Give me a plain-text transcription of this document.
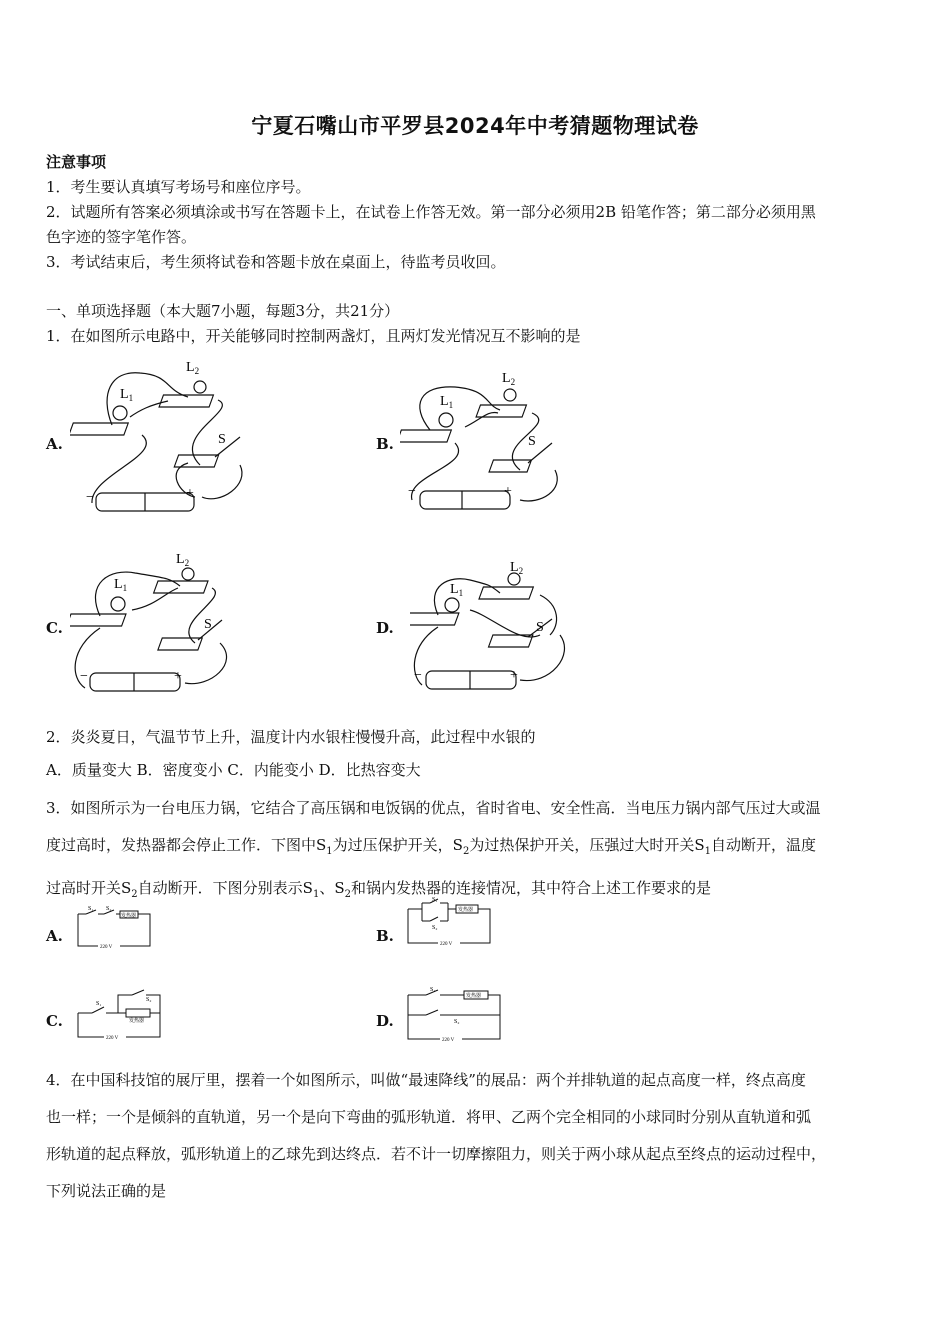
宁夏石嘴山市平罗县2024年中考猜题物理试卷
注意事项
1．考生要认真填写考场号和座位序号。
2．试题所有答案必须填涂或书写在答题卡上，在试卷上作答无效。第一部分必须用2B 铅笔作答；第二部分必须用黑
色字迹的签字笔作答。
3．考试结束后，考生须将试卷和答题卡放在桌面上，待监考员收回。
一、单项选择题（本大题7小题，每题3分，共21分）
1．在如图所示电路中，开关能够同时控制两盏灯，且两灯发光情况互不影响的是
A.	B.
C.	D.
$L_1$
$L_2$
S
−	+
$L_1$
$L_2$
S
−	+
$L_1$
$L_2$
S
−	+
$L_1$
$L_2$
S
−	+
2．炎炎夏日，气温节节上升，温度计内水银柱慢慢升高，此过程中水银的
A．质量变大 B．密度变小 C．内能变小 D．比热容变大
3．如图所示为一台电压力锅，它结合了高压锅和电饭锅的优点，省时省电、安全性高．当电压力锅内部气压过大或温
度过高时，发热器都会停止工作．下图中$S_1$为过压保护开关，$S_2$为过热保护开关，压强过大时开关$S_1$自动断开，温度
过高时开关$S_2$自动断开．下图分别表示$S_1$、$S_2$和锅内发热器的连接情况，其中符合上述工作要求的是
A.	B.
C.	D.
S₁ S₂
发热器
220 V
S₁
S₂
发热器
220 V
S₁
S₂
发热器
220 V
S₁
S₂
发热器
220 V
4．在中国科技馆的展厅里，摆着一个如图所示，叫做“最速降线”的展品：两个并排轨道的起点高度一样，终点高度
也一样；一个是倾斜的直轨道，另一个是向下弯曲的弧形轨道．将甲、乙两个完全相同的小球同时分别从直轨道和弧
形轨道的起点释放，弧形轨道上的乙球先到达终点．若不计一切摩擦阻力，则关于两小球从起点至终点的运动过程中，
下列说法正确的是
